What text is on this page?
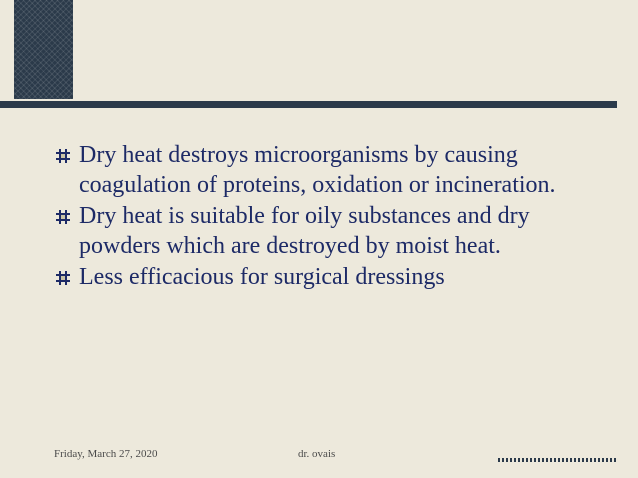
Dry heat destroys microorganisms by causing coagulation of proteins, oxidation or incineration.
Dry heat is suitable for oily substances and dry powders which are destroyed by moist heat.
Less efficacious for surgical dressings
Friday, March 27, 2020	dr. ovais
